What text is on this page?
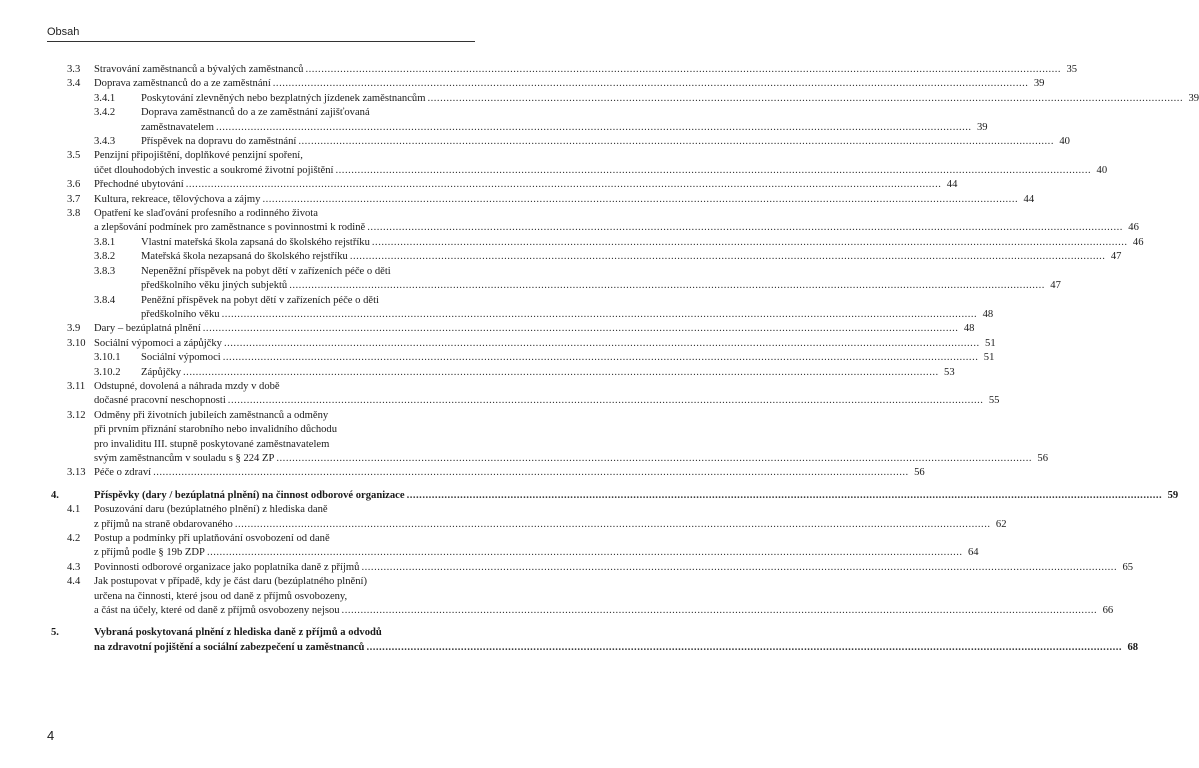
Obsah
3.3	Stravování zaměstnanců a bývalých zaměstnanců .....	35
3.4	Doprava zaměstnanců do a ze zaměstnání .....	39
3.4.1	Poskytování zlevněných nebo bezplatných jízdenek zaměstnancům .....	39
3.4.2	Doprava zaměstnanců do a ze zaměstnání zajišťovaná
zaměstnavatelem .....	39
3.4.3	Příspěvek na dopravu do zaměstnání .....	40
3.5	Penzijní připojištění, doplňkové penzijní spoření,
účet dlouhodobých investic a soukromé životní pojištění .....	40
3.6	Přechodné ubytování .....	44
3.7	Kultura, rekreace, tělovýchova a zájmy .....	44
3.8	Opatření ke slaďování profesního a rodinného života
a zlepšování podmínek pro zaměstnance s povinnostmi k rodině .....	46
3.8.1	Vlastní mateřská škola zapsaná do školského rejstříku .....	46
3.8.2	Mateřská škola nezapsaná do školského rejstříku .....	47
3.8.3	Nepeněžní příspěvek na pobyt dětí v zařízeních péče o děti
předškolního věku jiných subjektů .....	47
3.8.4	Peněžní příspěvek na pobyt dětí v zařízeních péče o děti
předškolního věku .....	48
3.9	Dary – bezúplatná plnění .....	48
3.10 Sociální výpomoci a zápůjčky .....	51
3.10.1	Sociální výpomoci .....	51
3.10.2	Zápůjčky .....	53
3.11 Odstupné, dovolená a náhrada mzdy v době
dočasné pracovní neschopnosti .....	55
3.12 Odměny při životních jubileích zaměstnanců a odměny
při prvním přiznání starobního nebo invalidního důchodu
pro invaliditu III. stupně poskytované zaměstnavatelem
svým zaměstnancům v souladu s § 224 ZP .....	56
3.13 Péče o zdraví .....	56
4.	Příspěvky (dary / bezúplatná plnění) na činnost odborové organizace .....	59
4.1	Posuzování daru (bezúplatného plnění) z hlediska daně
z příjmů na straně obdarovaného .....	62
4.2	Postup a podmínky při uplatňování osvobození od daně
z příjmů podle § 19b ZDP .....	64
4.3	Povinnosti odborové organizace jako poplatníka daně z příjmů .....	65
4.4	Jak postupovat v případě, kdy je část daru (bezúplatného plnění)
určena na činnosti, které jsou od daně z příjmů osvobozeny,
a část na účely, které od daně z příjmů osvobozeny nejsou .....	66
5.	Vybraná poskytovaná plnění z hlediska daně z příjmů a odvodů
na zdravotní pojištění a sociální zabezpečení u zaměstnanců .....	68
4
